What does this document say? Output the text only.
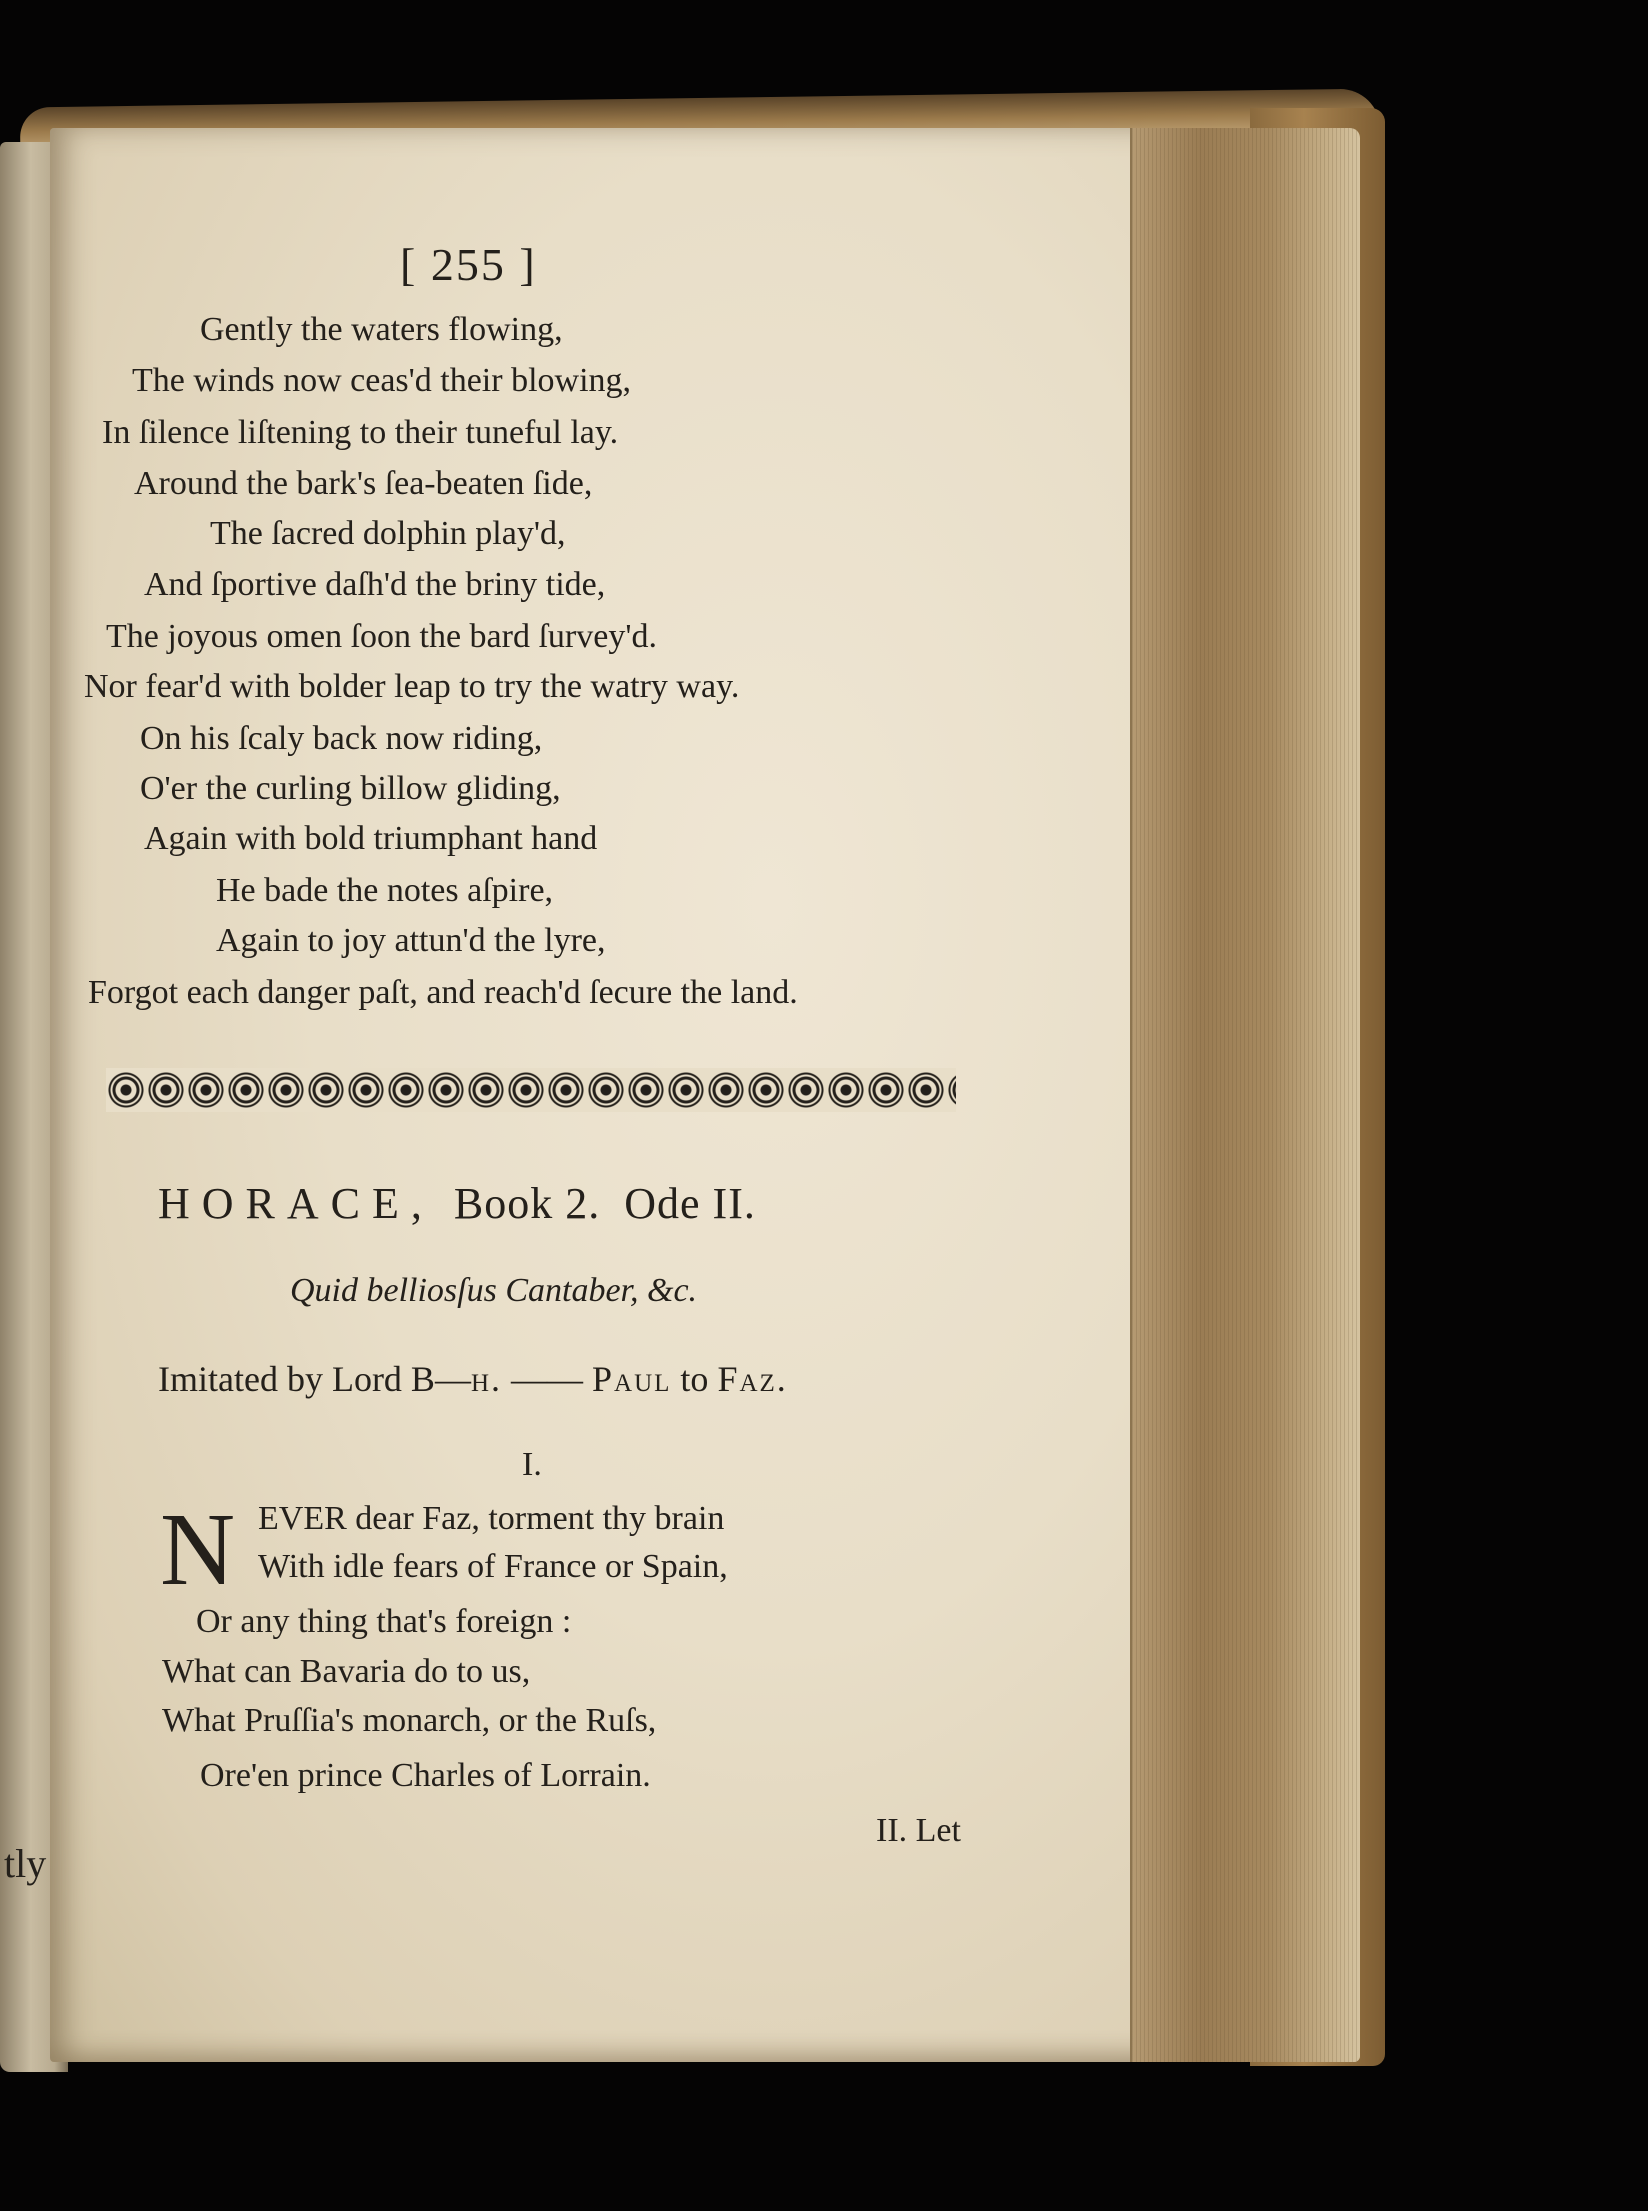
tly
[ 255 ]
Gently the waters flowing,
The winds now ceas'd their blowing,
In ſilence liſtening to their tuneful lay.
Around the bark's ſea-beaten ſide,
The ſacred dolphin play'd,
And ſportive daſh'd the briny tide,
The joyous omen ſoon the bard ſurvey'd.
Nor fear'd with bolder leap to try the watry way.
On his ſcaly back now riding,
O'er the curling billow gliding,
Again with bold triumphant hand
He bade the notes aſpire,
Again to joy attun'd the lyre,
Forgot each danger paſt, and reach'd ſecure the land.
HORACE, Book 2.  Ode II.
Quid belliosſus Cantaber, &c.
Imitated by Lord B—h. —— Paul to Faz.
I.
N EVER dear Faz, torment thy brain
With idle fears of France or Spain,
Or any thing that's foreign :
What can Bavaria do to us,
What Pruſſia's monarch, or the Ruſs,
Ore'en prince Charles of Lorrain.
II. Let
